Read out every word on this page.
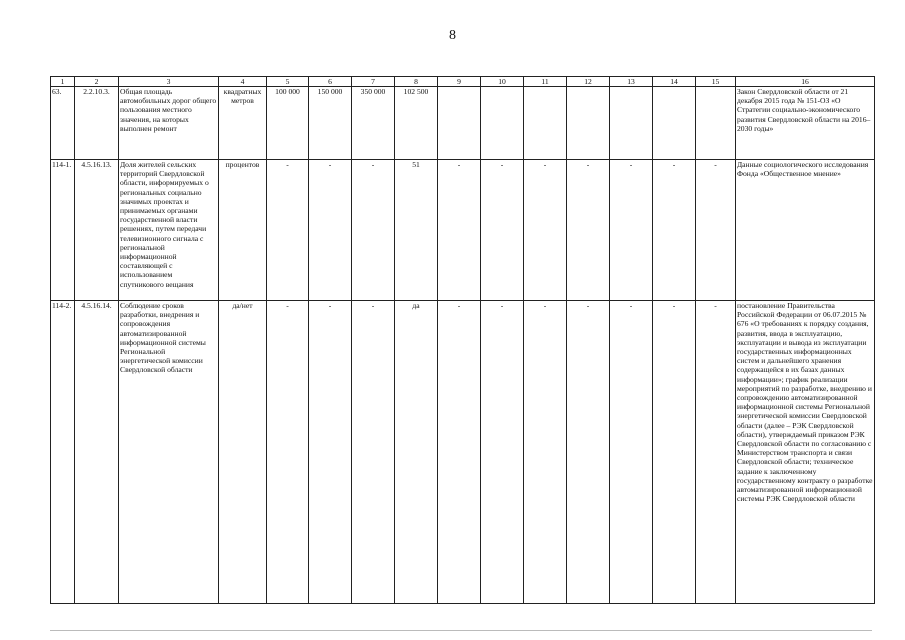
8
1	2	3	4	5	6	7	8	9	10	11	12	13	14	15	16
63.	2.2.10.3.	Общая площадь автомобильных дорог общего пользования местного значения, на которых выполнен ремонт	квадратных метров	100 000	150 000	350 000	102 500								Закон Свердловской области от 21 декабря 2015 года № 151-ОЗ «О Стратегии социально-экономического развития Свердловской области на 2016–2030 годы»
114-1.	4.5.16.13.	Доля жителей сельских территорий Свердловской области, информируемых о региональных социально значимых проектах и принимаемых органами государственной власти решениях, путем передачи телевизионного сигнала с региональной информационной составляющей с использованием спутникового вещания	процентов	-	-	-	51	-	-	-	-	-	-	-	Данные социологического исследования Фонда «Общественное мнение»
114-2.	4.5.16.14.	Соблюдение сроков разработки, внедрения и сопровождения автоматизированной информационной системы Региональной энергетической комиссии Свердловской области	да/нет	-	-	-	да	-	-	-	-	-	-	-	постановление Правительства Российской Федерации от 06.07.2015 № 676 «О требованиях к порядку создания, развития, ввода в эксплуатацию, эксплуатации и вывода из эксплуатации государственных информационных систем и дальнейшего хранения содержащейся в их базах данных информации»; график реализации мероприятий по разработке, внедрению и сопровождению автоматизированной информационной системы Региональной энергетической комиссии Свердловской области (далее – РЭК Свердловской области), утверждаемый приказом РЭК Свердловской области по согласованию с Министерством транспорта и связи Свердловской области; техническое задание к заключенному государственному контракту о разработке автоматизированной информационной системы РЭК Свердловской области
